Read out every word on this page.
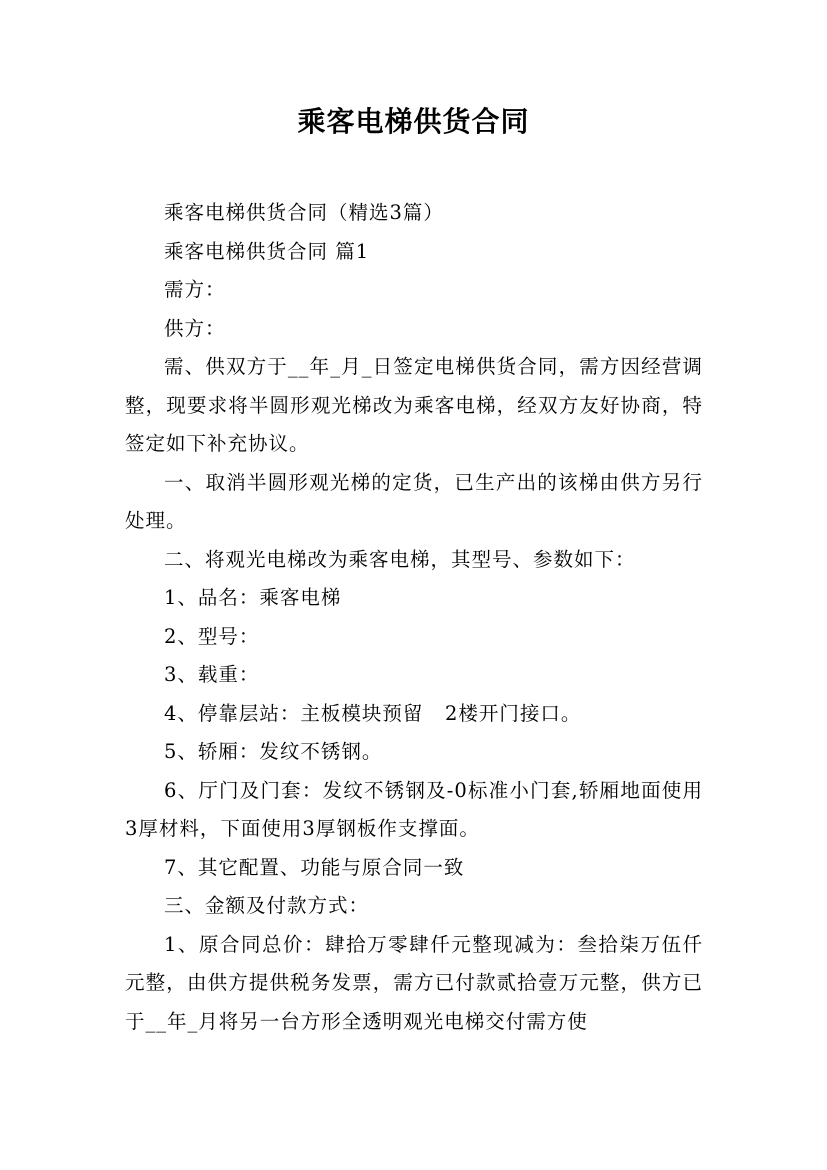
乘客电梯供货合同

乘客电梯供货合同（精选3篇）

乘客电梯供货合同 篇1

需方：

供方：

需、供双方于__年_月_日签定电梯供货合同，需方因经营调整，现要求将半圆形观光梯改为乘客电梯，经双方友好协商，特签定如下补充协议。

一、取消半圆形观光梯的定货，已生产出的该梯由供方另行处理。

二、将观光电梯改为乘客电梯，其型号、参数如下：

1、品名：乘客电梯

2、型号：

3、载重：

4、停靠层站：主板模块预留   2楼开门接口。

5、轿厢：发纹不锈钢。

6、厅门及门套：发纹不锈钢及-0标准小门套,轿厢地面使用3厚材料，下面使用3厚钢板作支撑面。

7、其它配置、功能与原合同一致

三、金额及付款方式：

1、原合同总价：肆拾万零肆仟元整现减为：叁拾柒万伍仟元整，由供方提供税务发票，需方已付款贰拾壹万元整，供方已于__年_月将另一台方形全透明观光电梯交付需方使
